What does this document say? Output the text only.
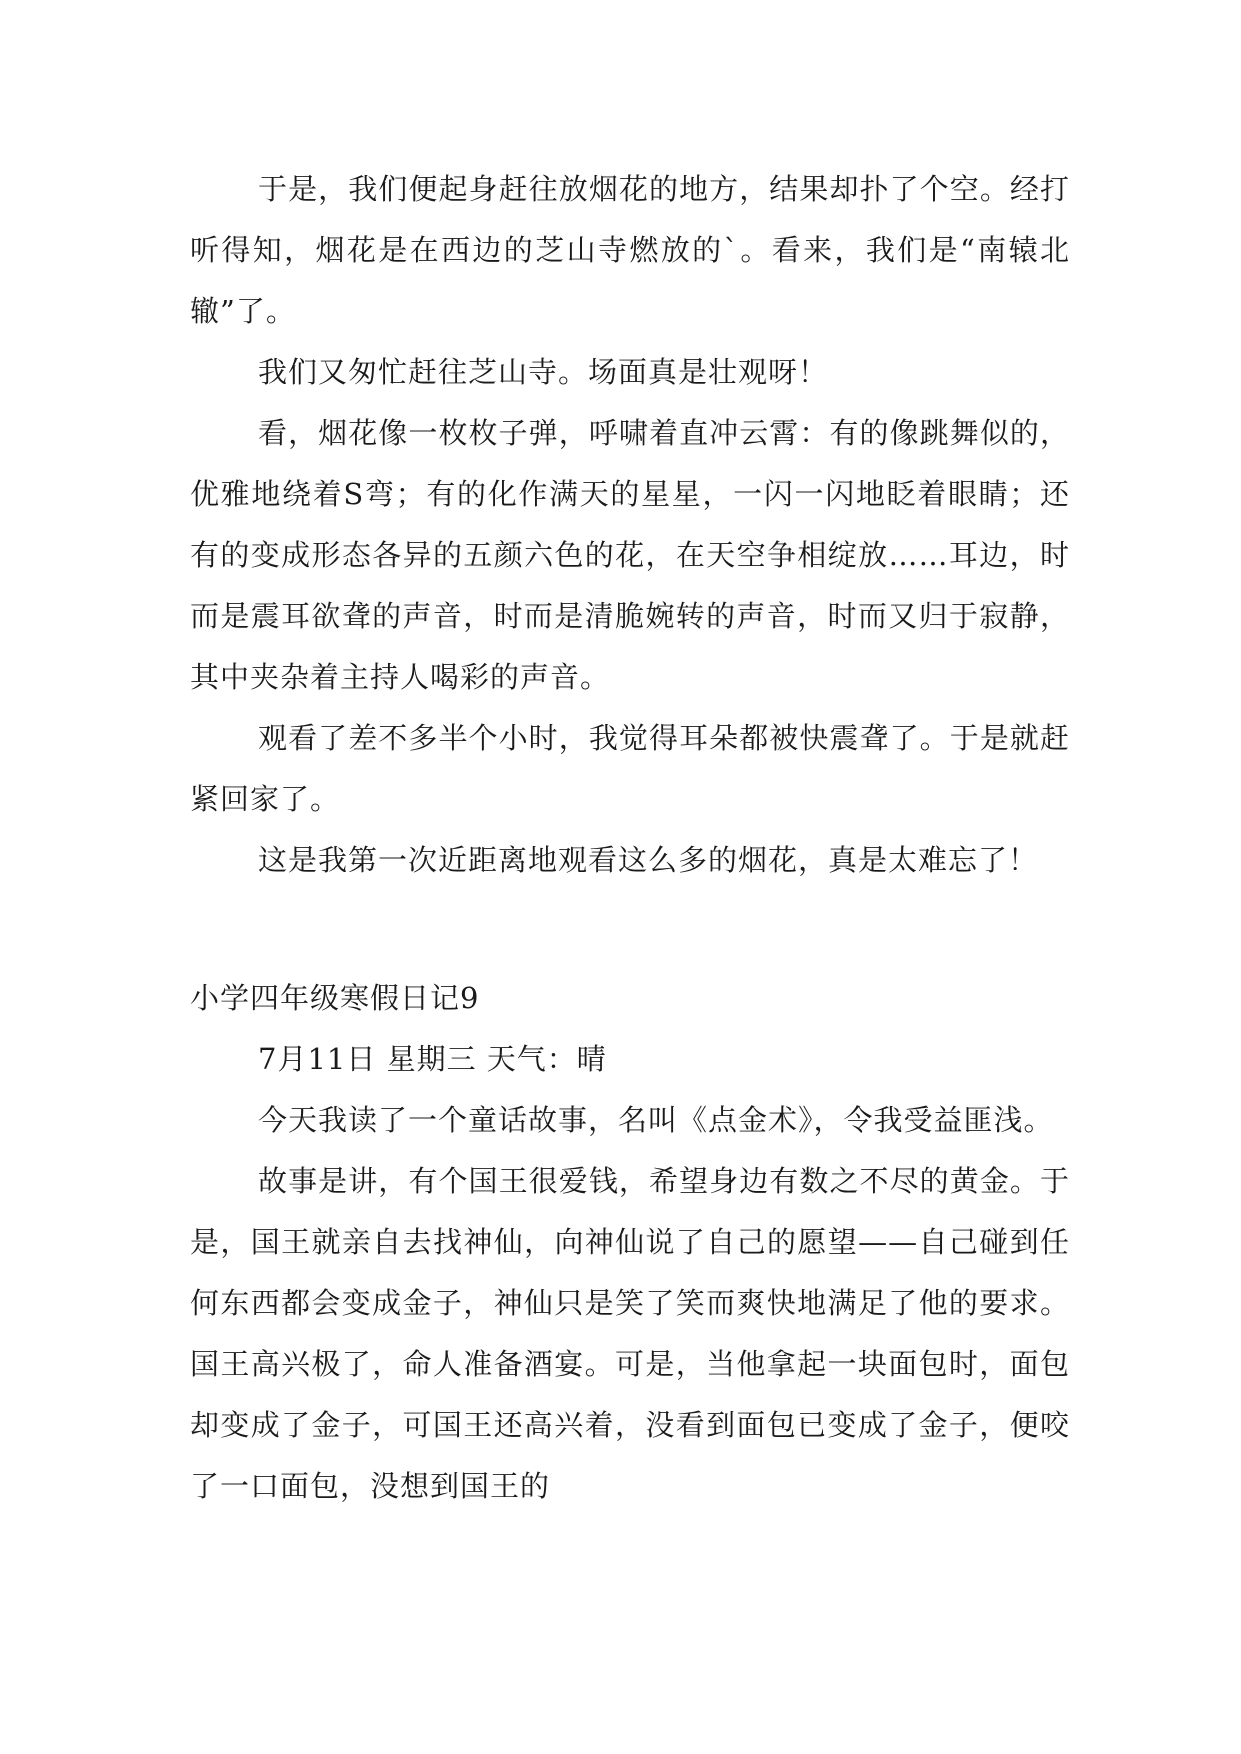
于是，我们便起身赶往放烟花的地方，结果却扑了个空。经打听得知，烟花是在西边的芝山寺燃放的`。看来，我们是“南辕北辙”了。

我们又匆忙赶往芝山寺。场面真是壮观呀！

看，烟花像一枚枚子弹，呼啸着直冲云霄：有的像跳舞似的，优雅地绕着S弯；有的化作满天的星星，一闪一闪地眨着眼睛；还有的变成形态各异的五颜六色的花，在天空争相绽放……耳边，时而是震耳欲聋的声音，时而是清脆婉转的声音，时而又归于寂静，其中夹杂着主持人喝彩的声音。

观看了差不多半个小时，我觉得耳朵都被快震聋了。于是就赶紧回家了。

这是我第一次近距离地观看这么多的烟花，真是太难忘了！

小学四年级寒假日记9

7月11日 星期三 天气：晴

今天我读了一个童话故事，名叫《点金术》，令我受益匪浅。

故事是讲，有个国王很爱钱，希望身边有数之不尽的黄金。于是，国王就亲自去找神仙，向神仙说了自己的愿望——自己碰到任何东西都会变成金子，神仙只是笑了笑而爽快地满足了他的要求。国王高兴极了，命人准备酒宴。可是，当他拿起一块面包时，面包却变成了金子，可国王还高兴着，没看到面包已变成了金子，便咬了一口面包，没想到国王的
